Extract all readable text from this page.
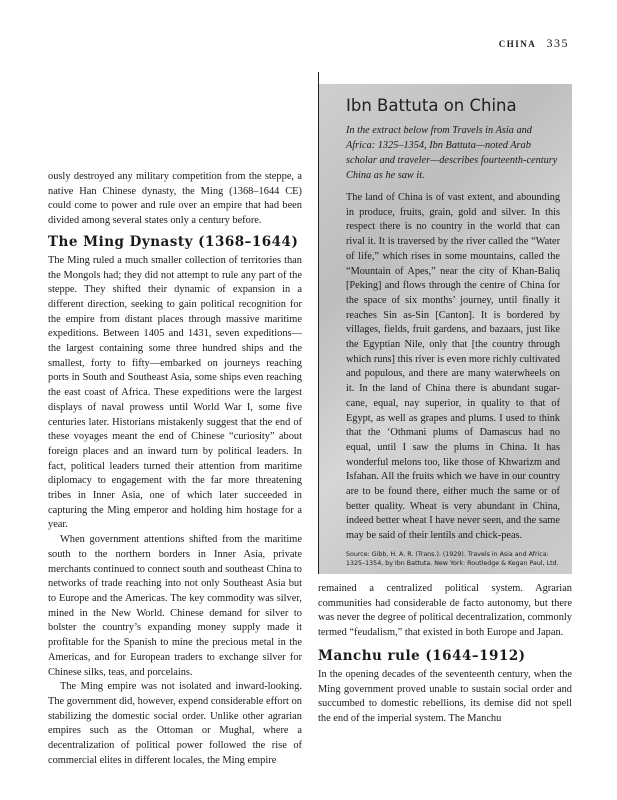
CHINA 335

ously destroyed any military competition from the steppe, a native Han Chinese dynasty, the Ming (1368–1644 CE) could come to power and rule over an empire that had been divided among several states only a century before.

The Ming Dynasty (1368–1644)

The Ming ruled a much smaller collection of territories than the Mongols had; they did not attempt to rule any part of the steppe. They shifted their dynamic of expansion in a different direction, seeking to gain political recognition for the empire from distant places through massive maritime expeditions. Between 1405 and 1431, seven expeditions—the largest containing some three hundred ships and the smallest, forty to fifty—embarked on journeys reaching ports in South and Southeast Asia, some ships even reaching the east coast of Africa. These expeditions were the largest displays of naval prowess until World War I, some five centuries later. Historians mistakenly suggest that the end of these voyages meant the end of Chinese “curiosity” about foreign places and an inward turn by political leaders. In fact, political leaders turned their attention from maritime diplomacy to engagement with the far more threatening tribes in Inner Asia, one of which later succeeded in capturing the Ming emperor and holding him hostage for a year.

When government attentions shifted from the maritime south to the northern borders in Inner Asia, private merchants continued to connect south and southeast China to networks of trade reaching into not only Southeast Asia but to Europe and the Americas. The key commodity was silver, mined in the New World. Chinese demand for silver to bolster the country’s expanding money supply made it profitable for the Spanish to mine the precious metal in the Americas, and for European traders to exchange silver for Chinese silks, teas, and porcelains.

The Ming empire was not isolated and inward-looking. The government did, however, expend considerable effort on stabilizing the domestic social order. Unlike other agrarian empires such as the Ottoman or Mughal, where a decentralization of political power followed the rise of commercial elites in different locales, the Ming empire

Ibn Battuta on China

In the extract below from Travels in Asia and Africa: 1325–1354, Ibn Battuta—noted Arab scholar and traveler—describes fourteenth-century China as he saw it.

The land of China is of vast extent, and abounding in produce, fruits, grain, gold and silver. In this respect there is no country in the world that can rival it. It is traversed by the river called the “Water of life,” which rises in some mountains, called the “Mountain of Apes,” near the city of Khan-Baliq [Peking] and flows through the centre of China for the space of six months’ journey, until finally it reaches Sin as-Sin [Canton]. It is bordered by villages, fields, fruit gardens, and bazaars, just like the Egyptian Nile, only that [the country through which runs] this river is even more richly cultivated and populous, and there are many waterwheels on it. In the land of China there is abundant sugar-cane, equal, nay superior, in quality to that of Egypt, as well as grapes and plums. I used to think that the ‘Othmani plums of Damascus had no equal, until I saw the plums in China. It has wonderful melons too, like those of Khwarizm and Isfahan. All the fruits which we have in our country are to be found there, either much the same or of better quality. Wheat is very abundant in China, indeed better wheat I have never seen, and the same may be said of their lentils and chick-peas.

Source: Gibb, H. A. R. (Trans.). (1929). Travels in Asia and Africa: 1325–1354, by Ibn Battuta. New York: Routledge & Kegan Paul, Ltd.

remained a centralized political system. Agrarian communities had considerable de facto autonomy, but there was never the degree of political decentralization, commonly termed “feudalism,” that existed in both Europe and Japan.

Manchu rule (1644–1912)

In the opening decades of the seventeenth century, when the Ming government proved unable to sustain social order and succumbed to domestic rebellions, its demise did not spell the end of the imperial system. The Manchu
